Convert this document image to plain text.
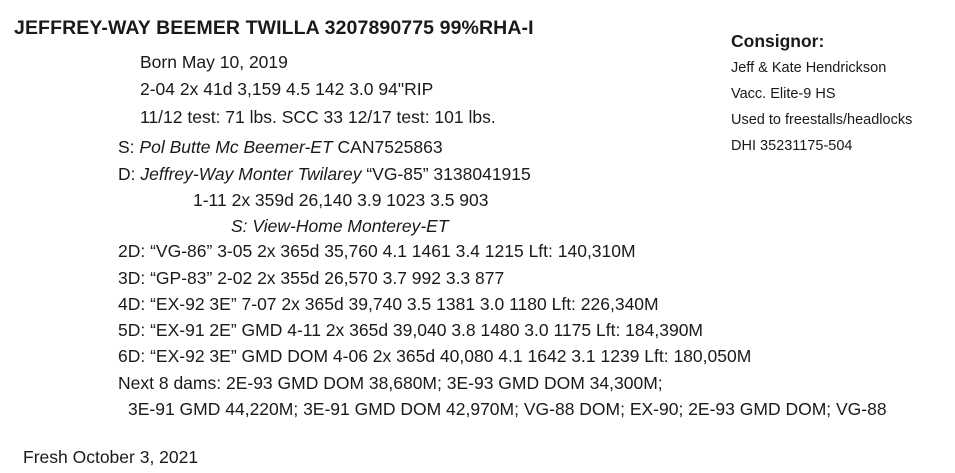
JEFFREY-WAY BEEMER TWILLA 3207890775 99%RHA-I
Born May 10, 2019
2-04 2x 41d 3,159 4.5 142 3.0 94"RIP
11/12 test: 71 lbs. SCC 33 12/17 test: 101 lbs.
S: Pol Butte Mc Beemer-ET CAN7525863
D: Jeffrey-Way Monter Twilarey “VG-85” 3138041915
1-11 2x 359d 26,140 3.9 1023 3.5 903
S: View-Home Monterey-ET
2D: “VG-86” 3-05 2x 365d 35,760 4.1 1461 3.4 1215 Lft: 140,310M
3D: “GP-83” 2-02 2x 355d 26,570 3.7 992 3.3 877
4D: “EX-92 3E” 7-07 2x 365d 39,740 3.5 1381 3.0 1180 Lft: 226,340M
5D: “EX-91 2E” GMD 4-11 2x 365d 39,040 3.8 1480 3.0 1175 Lft: 184,390M
6D: “EX-92 3E” GMD DOM 4-06 2x 365d 40,080 4.1 1642 3.1 1239 Lft: 180,050M
Next 8 dams: 2E-93 GMD DOM 38,680M; 3E-93 GMD DOM 34,300M;
3E-91 GMD 44,220M; 3E-91 GMD DOM 42,970M; VG-88 DOM; EX-90; 2E-93 GMD DOM; VG-88
Fresh October 3, 2021
Consignor:
Jeff & Kate Hendrickson
Vacc. Elite-9 HS
Used to freestalls/headlocks
DHI 35231175-504
